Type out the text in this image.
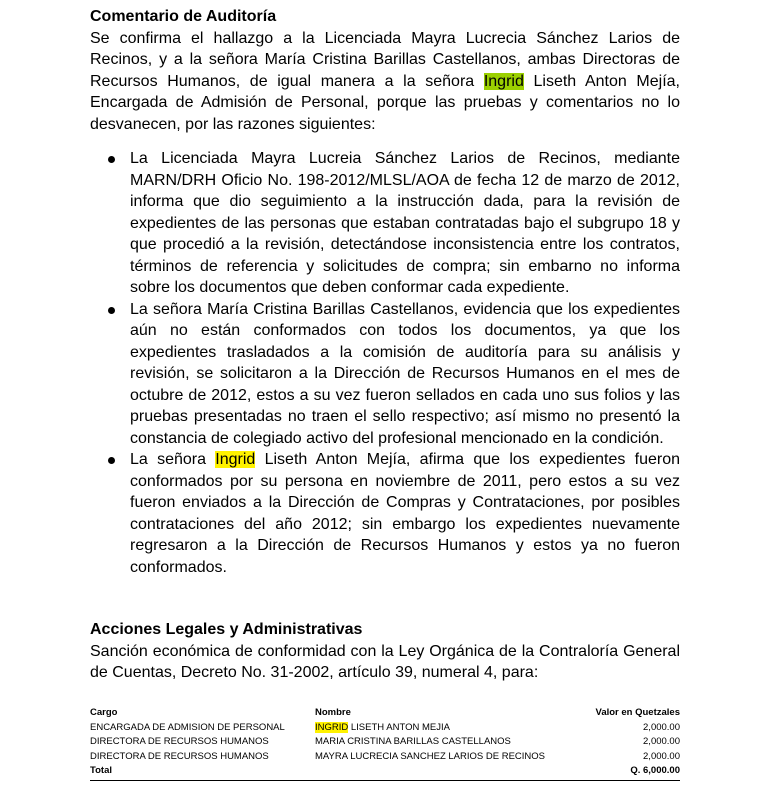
Comentario de Auditoría

Se confirma el hallazgo a la Licenciada Mayra Lucrecia Sánchez Larios de Recinos, y a la señora María Cristina Barillas Castellanos, ambas Directoras de Recursos Humanos, de igual manera a la señora Ingrid Liseth Anton Mejía, Encargada de Admisión de Personal, porque las pruebas y comentarios no lo desvanecen, por las razones siguientes:

La Licenciada Mayra Lucreia Sánchez Larios de Recinos, mediante MARN/DRH Oficio No. 198-2012/MLSL/AOA de fecha 12 de marzo de 2012, informa que dio seguimiento a la instrucción dada, para la revisión de expedientes de las personas que estaban contratadas bajo el subgrupo 18 y que procedió a la revisión, detectándose inconsistencia entre los contratos, términos de referencia y solicitudes de compra; sin embarno no informa sobre los documentos que deben conformar cada expediente.
La señora María Cristina Barillas Castellanos, evidencia que los expedientes aún no están conformados con todos los documentos, ya que los expedientes trasladados a la comisión de auditoría para su análisis y revisión, se solicitaron a la Dirección de Recursos Humanos en el mes de octubre de 2012, estos a su vez fueron sellados en cada uno sus folios y las pruebas presentadas no traen el sello respectivo; así mismo no presentó la constancia de colegiado activo del profesional mencionado en la condición.
La señora Ingrid Liseth Anton Mejía, afirma que los expedientes fueron conformados por su persona en noviembre de 2011, pero estos a su vez fueron enviados a la Dirección de Compras y Contrataciones, por posibles contrataciones del año 2012; sin embargo los expedientes nuevamente regresaron a la Dirección de Recursos Humanos y estos ya no fueron conformados.

Acciones Legales y Administrativas

Sanción económica de conformidad con la Ley Orgánica de la Contraloría General de Cuentas, Decreto No. 31-2002, artículo 39, numeral 4, para:

Cargo	Nombre	Valor en Quetzales
ENCARGADA DE ADMISION DE PERSONAL	INGRID LISETH ANTON MEJIA	2,000.00
DIRECTORA DE RECURSOS HUMANOS	MARIA CRISTINA BARILLAS CASTELLANOS	2,000.00
DIRECTORA DE RECURSOS HUMANOS	MAYRA LUCRECIA SANCHEZ LARIOS DE RECINOS	2,000.00
Total		Q. 6,000.00
